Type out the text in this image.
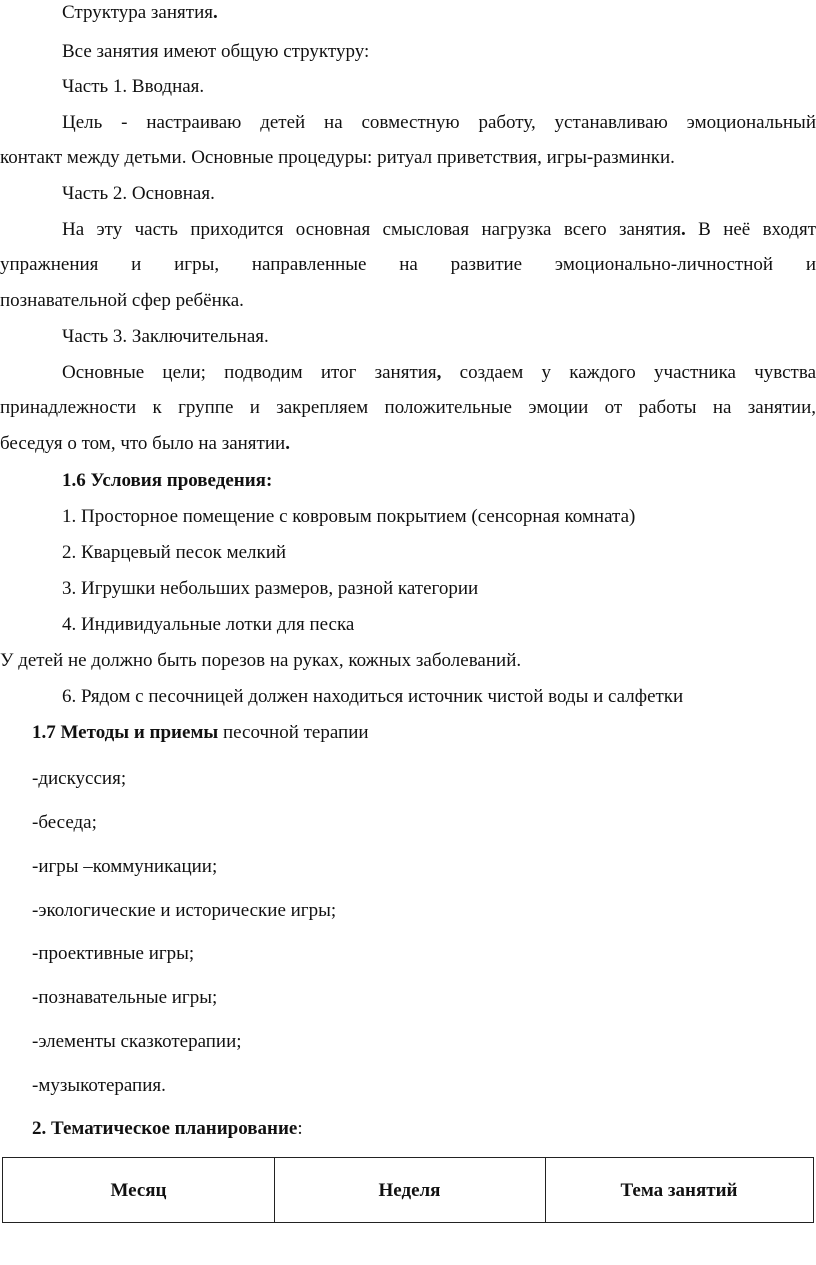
Структура занятия.
Все занятия имеют общую структуру:
Часть 1. Вводная.
Цель - настраиваю детей на совместную работу, устанавливаю эмоциональный
контакт между детьми. Основные процедуры: ритуал приветствия, игры-разминки.
Часть 2. Основная.
На эту часть приходится основная смысловая нагрузка всего занятия. В неё входят
упражнения и игры, направленные на развитие эмоционально-личностной и
познавательной сфер ребёнка.
Часть 3. Заключительная.
Основные цели; подводим итог занятия, создаем у каждого участника чувства
принадлежности к группе и закрепляем положительные эмоции от работы на занятии,
беседуя о том, что было на занятии.
1.6 Условия проведения:
1. Просторное помещение с ковровым покрытием (сенсорная комната)
2. Кварцевый песок мелкий
3. Игрушки небольших размеров, разной категории
4. Индивидуальные лотки для песка
У детей не должно быть порезов на руках, кожных заболеваний.
6. Рядом с песочницей должен находиться источник чистой воды и салфетки
1.7 Методы и приемы песочной терапии
-дискуссия;
-беседа;
-игры –коммуникации;
-экологические и исторические игры;
-проективные игры;
-познавательные игры;
-элементы сказкотерапии;
-музыкотерапия.
2. Тематическое планирование:
Месяц	Неделя	Тема занятий
